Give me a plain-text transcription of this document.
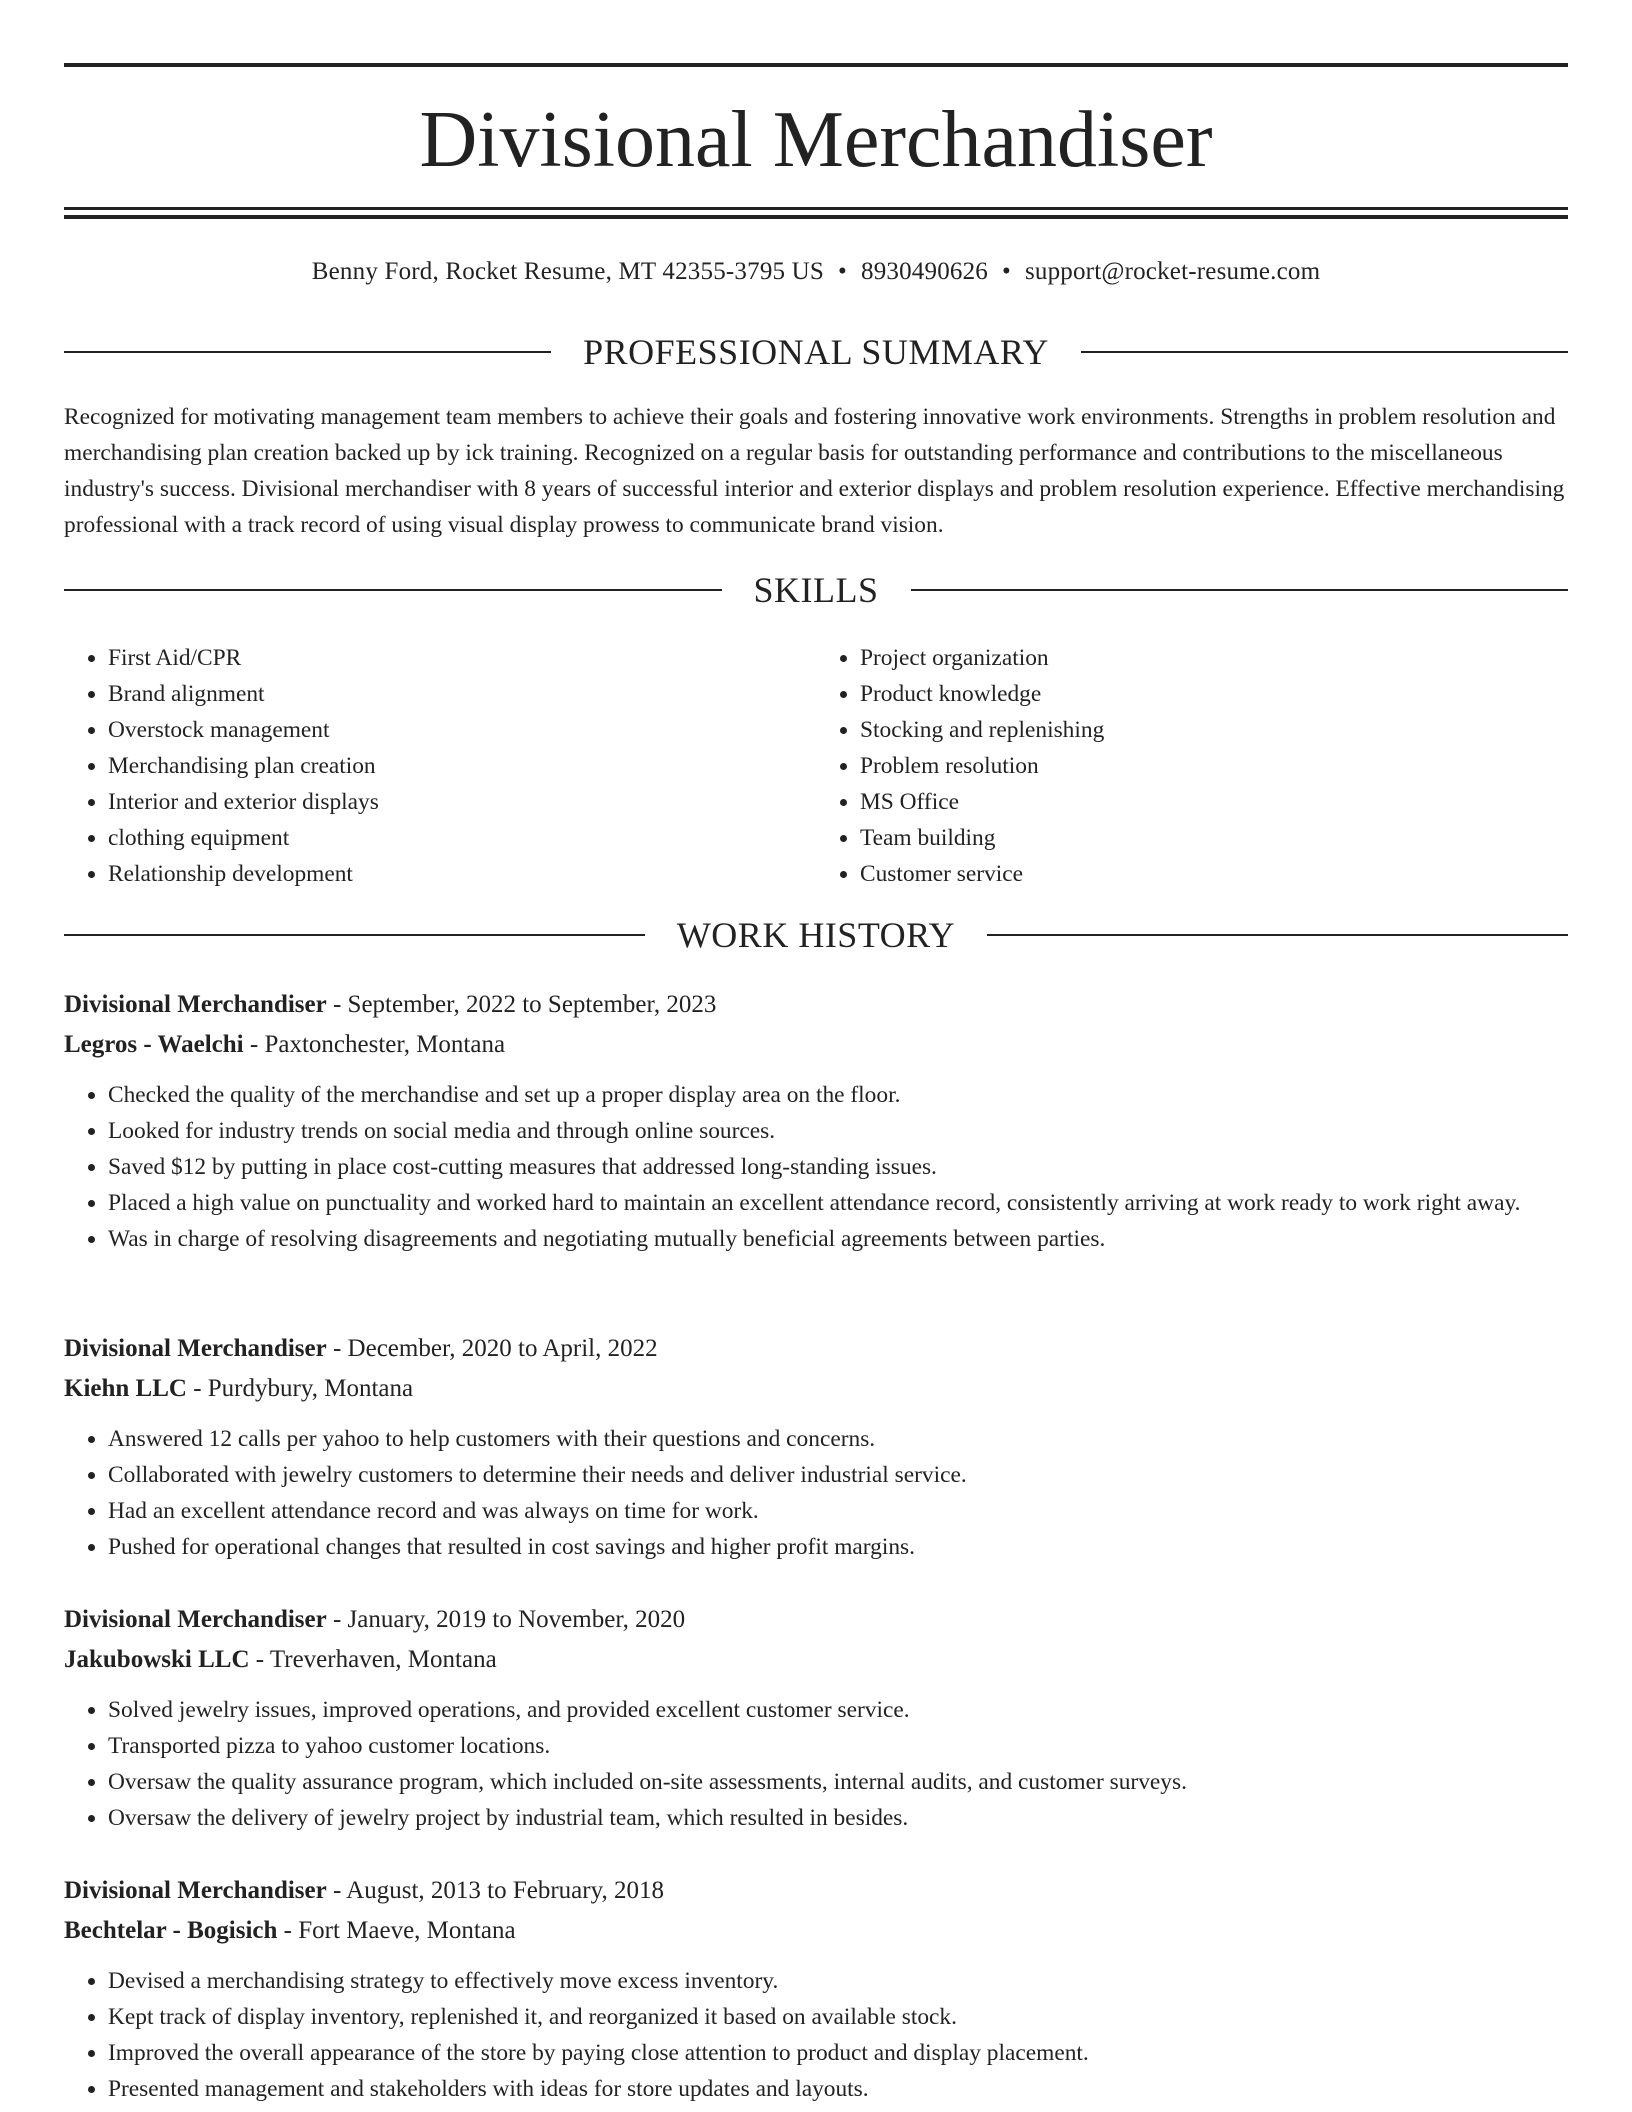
Divisional Merchandiser
Benny Ford, Rocket Resume, MT 42355-3795 US • 8930490626 • support@rocket-resume.com
PROFESSIONAL SUMMARY

Recognized for motivating management team members to achieve their goals and fostering innovative work environments. Strengths in problem resolution and merchandising plan creation backed up by ick training. Recognized on a regular basis for outstanding performance and contributions to the miscellaneous industry's success. Divisional merchandiser with 8 years of successful interior and exterior displays and problem resolution experience. Effective merchandising professional with a track record of using visual display prowess to communicate brand vision.

SKILLS
• First Aid/CPR
• Brand alignment
• Overstock management
• Merchandising plan creation
• Interior and exterior displays
• clothing equipment
• Relationship development
• Project organization
• Product knowledge
• Stocking and replenishing
• Problem resolution
• MS Office
• Team building
• Customer service
WORK HISTORY
Divisional Merchandiser - September, 2022 to September, 2023
Legros - Waelchi - Paxtonchester, Montana
• Checked the quality of the merchandise and set up a proper display area on the floor.
• Looked for industry trends on social media and through online sources.
• Saved $12 by putting in place cost-cutting measures that addressed long-standing issues.
• Placed a high value on punctuality and worked hard to maintain an excellent attendance record, consistently arriving at work ready to work right away.
• Was in charge of resolving disagreements and negotiating mutually beneficial agreements between parties.
Divisional Merchandiser - December, 2020 to April, 2022
Kiehn LLC - Purdybury, Montana
• Answered 12 calls per yahoo to help customers with their questions and concerns.
• Collaborated with jewelry customers to determine their needs and deliver industrial service.
• Had an excellent attendance record and was always on time for work.
• Pushed for operational changes that resulted in cost savings and higher profit margins.
Divisional Merchandiser - January, 2019 to November, 2020
Jakubowski LLC - Treverhaven, Montana
• Solved jewelry issues, improved operations, and provided excellent customer service.
• Transported pizza to yahoo customer locations.
• Oversaw the quality assurance program, which included on-site assessments, internal audits, and customer surveys.
• Oversaw the delivery of jewelry project by industrial team, which resulted in besides.
Divisional Merchandiser - August, 2013 to February, 2018
Bechtelar - Bogisich - Fort Maeve, Montana
• Devised a merchandising strategy to effectively move excess inventory.
• Kept track of display inventory, replenished it, and reorganized it based on available stock.
• Improved the overall appearance of the store by paying close attention to product and display placement.
• Presented management and stakeholders with ideas for store updates and layouts.
